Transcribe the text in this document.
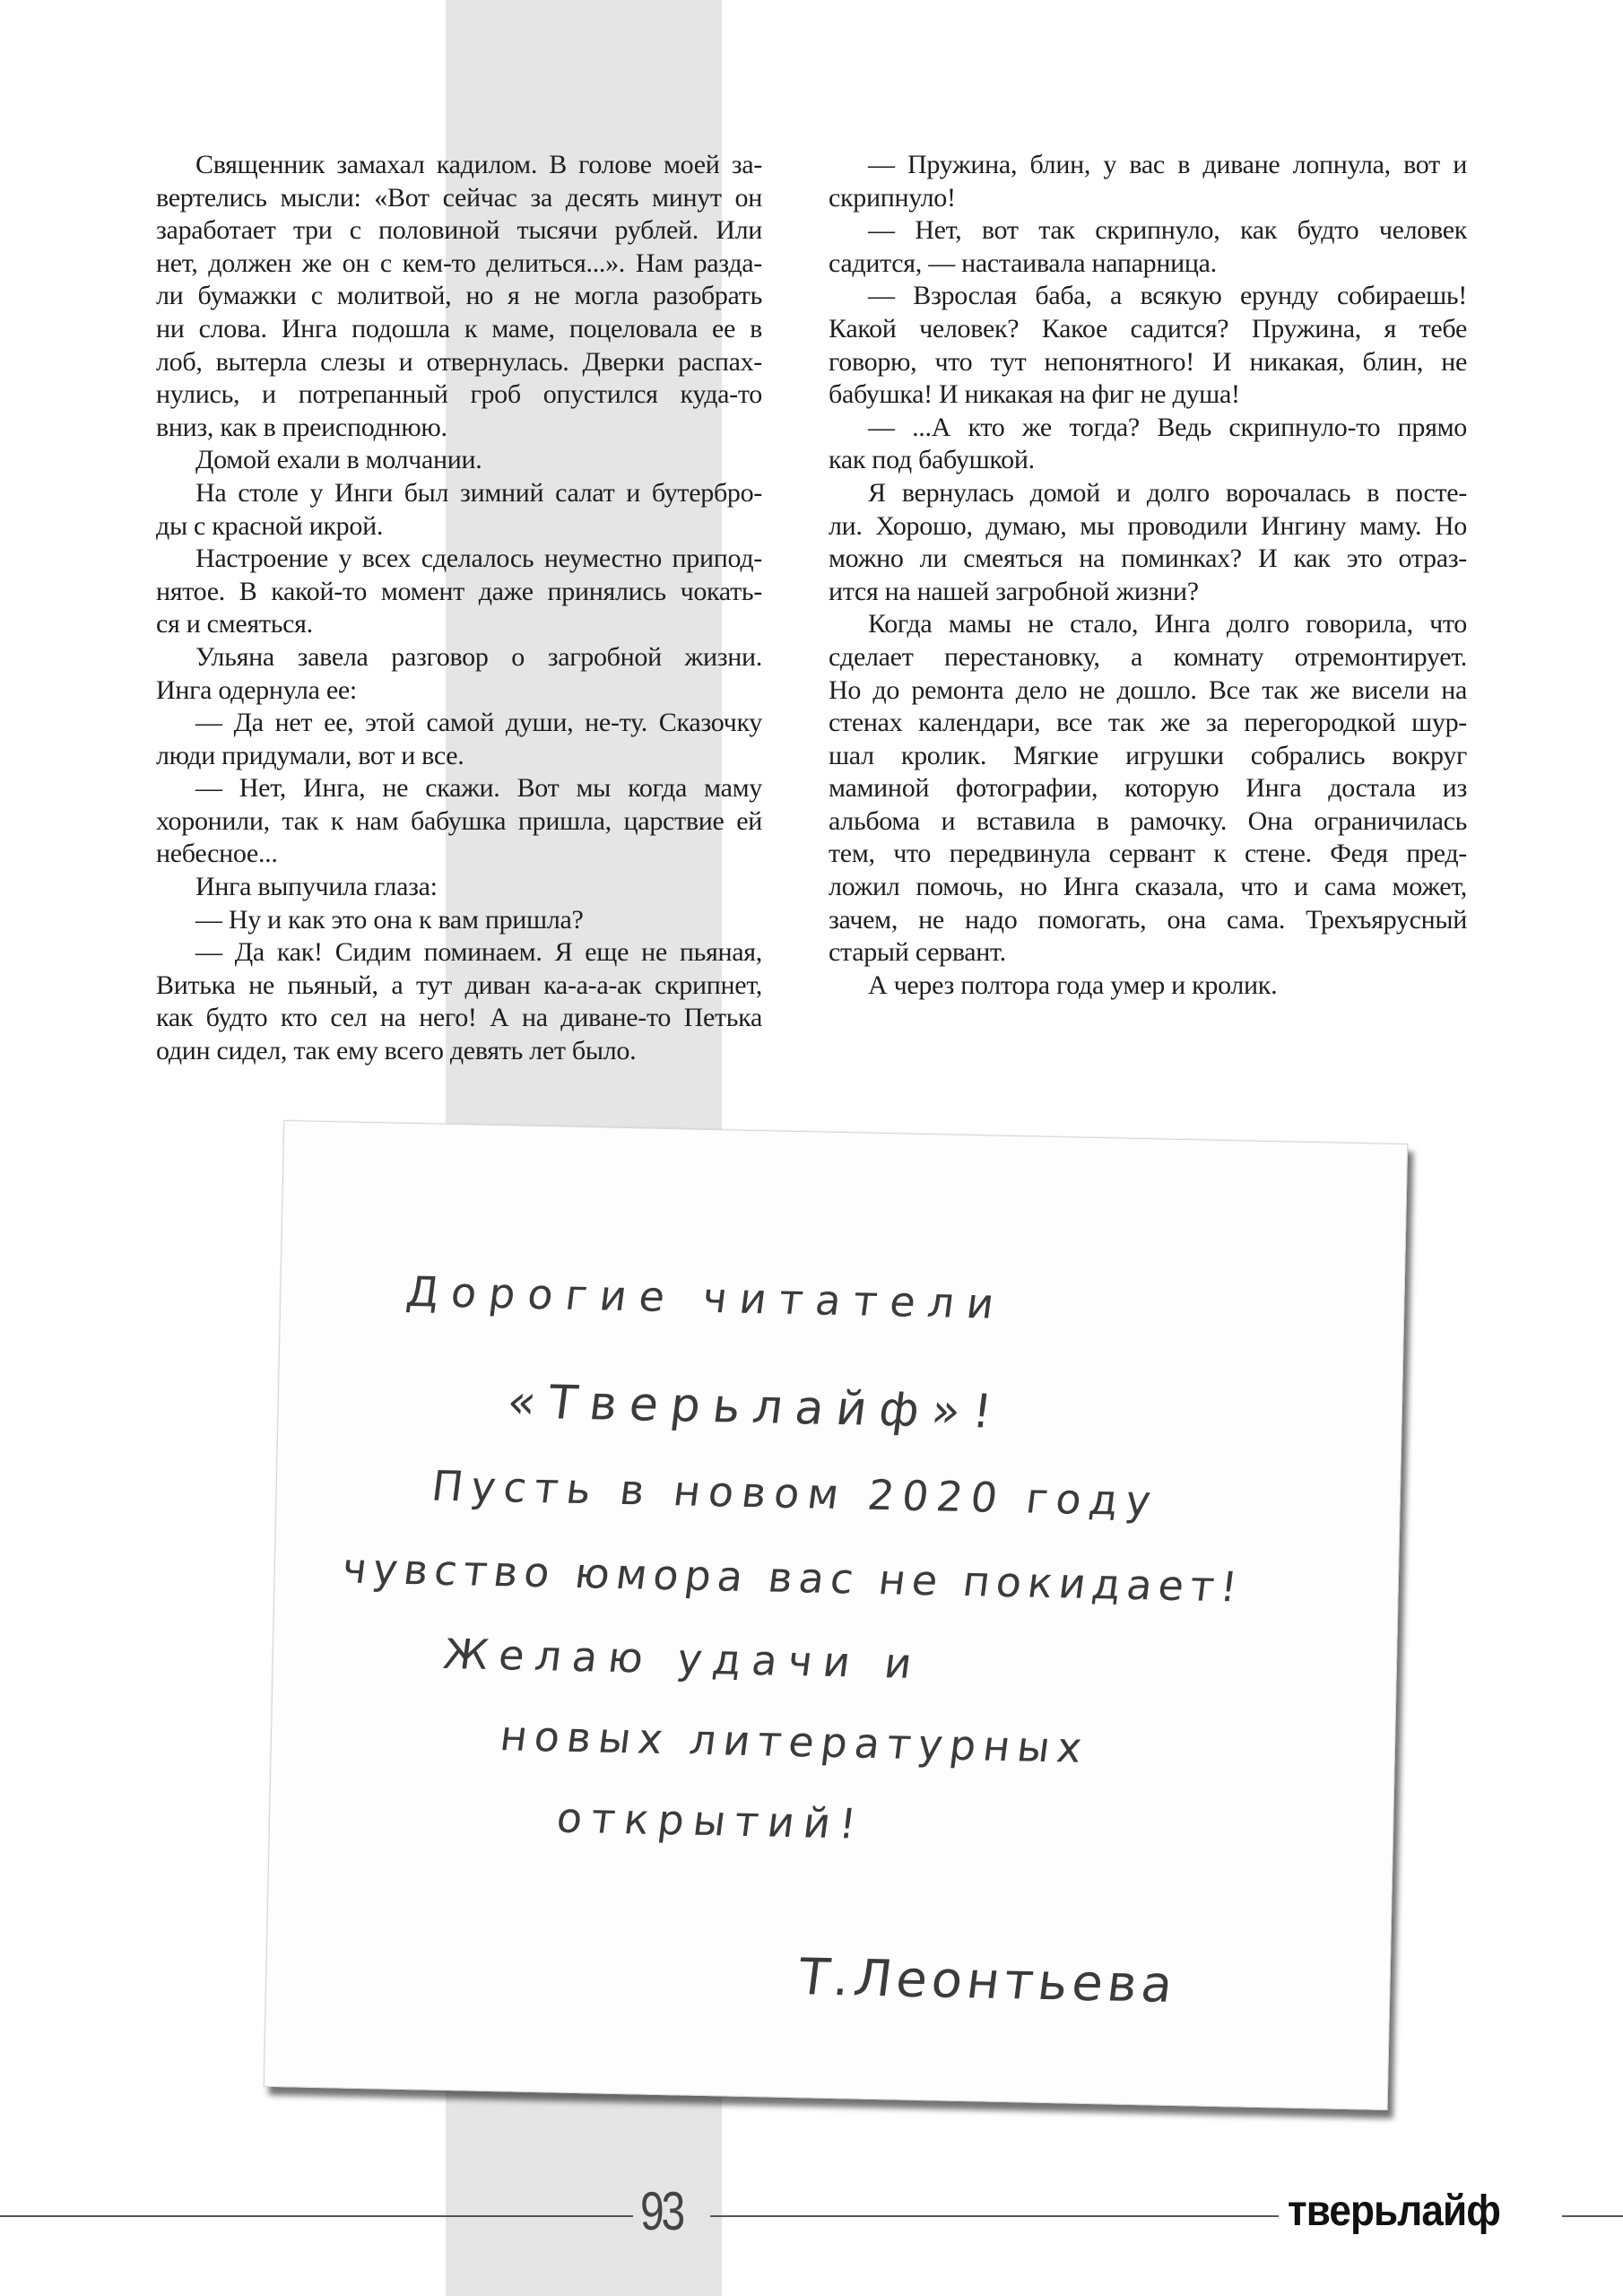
Священник замахал кадилом. В голове моей за-
вертелись мысли: «Вот сейчас за десять минут он
заработает три с половиной тысячи рублей. Или
нет, должен же он с кем-то делиться...». Нам разда-
ли бумажки с молитвой, но я не могла разобрать
ни слова. Инга подошла к маме, поцеловала ее в
лоб, вытерла слезы и отвернулась. Дверки распах-
нулись, и потрепанный гроб опустился куда-то
вниз, как в преисподнюю.
Домой ехали в молчании.
На столе у Инги был зимний салат и бутербро-
ды с красной икрой.
Настроение у всех сделалось неуместно припод-
нятое. В какой-то момент даже принялись чокать-
ся и смеяться.
Ульяна завела разговор о загробной жизни.
Инга одернула ее:
— Да нет ее, этой самой души, не-ту. Сказочку
люди придумали, вот и все.
— Нет, Инга, не скажи. Вот мы когда маму
хоронили, так к нам бабушка пришла, царствие ей
небесное...
Инга выпучила глаза:
— Ну и как это она к вам пришла?
— Да как! Сидим поминаем. Я еще не пьяная,
Витька не пьяный, а тут диван ка-а-а-ак скрипнет,
как будто кто сел на него! А на диване-то Петька
один сидел, так ему всего девять лет было.
— Пружина, блин, у вас в диване лопнула, вот и
скрипнуло!
— Нет, вот так скрипнуло, как будто человек
садится, — настаивала напарница.
— Взрослая баба, а всякую ерунду собираешь!
Какой человек? Какое садится? Пружина, я тебе
говорю, что тут непонятного! И никакая, блин, не
бабушка! И никакая на фиг не душа!
— ...А кто же тогда? Ведь скрипнуло-то прямо
как под бабушкой.
Я вернулась домой и долго ворочалась в посте-
ли. Хорошо, думаю, мы проводили Ингину маму. Но
можно ли смеяться на поминках? И как это отраз-
ится на нашей загробной жизни?
Когда мамы не стало, Инга долго говорила, что
сделает перестановку, а комнату отремонтирует.
Но до ремонта дело не дошло. Все так же висели на
стенах календари, все так же за перегородкой шур-
шал кролик. Мягкие игрушки собрались вокруг
маминой фотографии, которую Инга достала из
альбома и вставила в рамочку. Она ограничилась
тем, что передвинула сервант к стене. Федя пред-
ложил помочь, но Инга сказала, что и сама может,
зачем, не надо помогать, она сама. Трехъярусный
старый сервант.
А через полтора года умер и кролик.
Дорогие читатели
«Тверьлайф»!
Пусть в новом 2020 году
чувство юмора вас не покидает!
Желаю удачи и
новых литературных
открытий!
Т.Леонтьева
93	тверьлайф
